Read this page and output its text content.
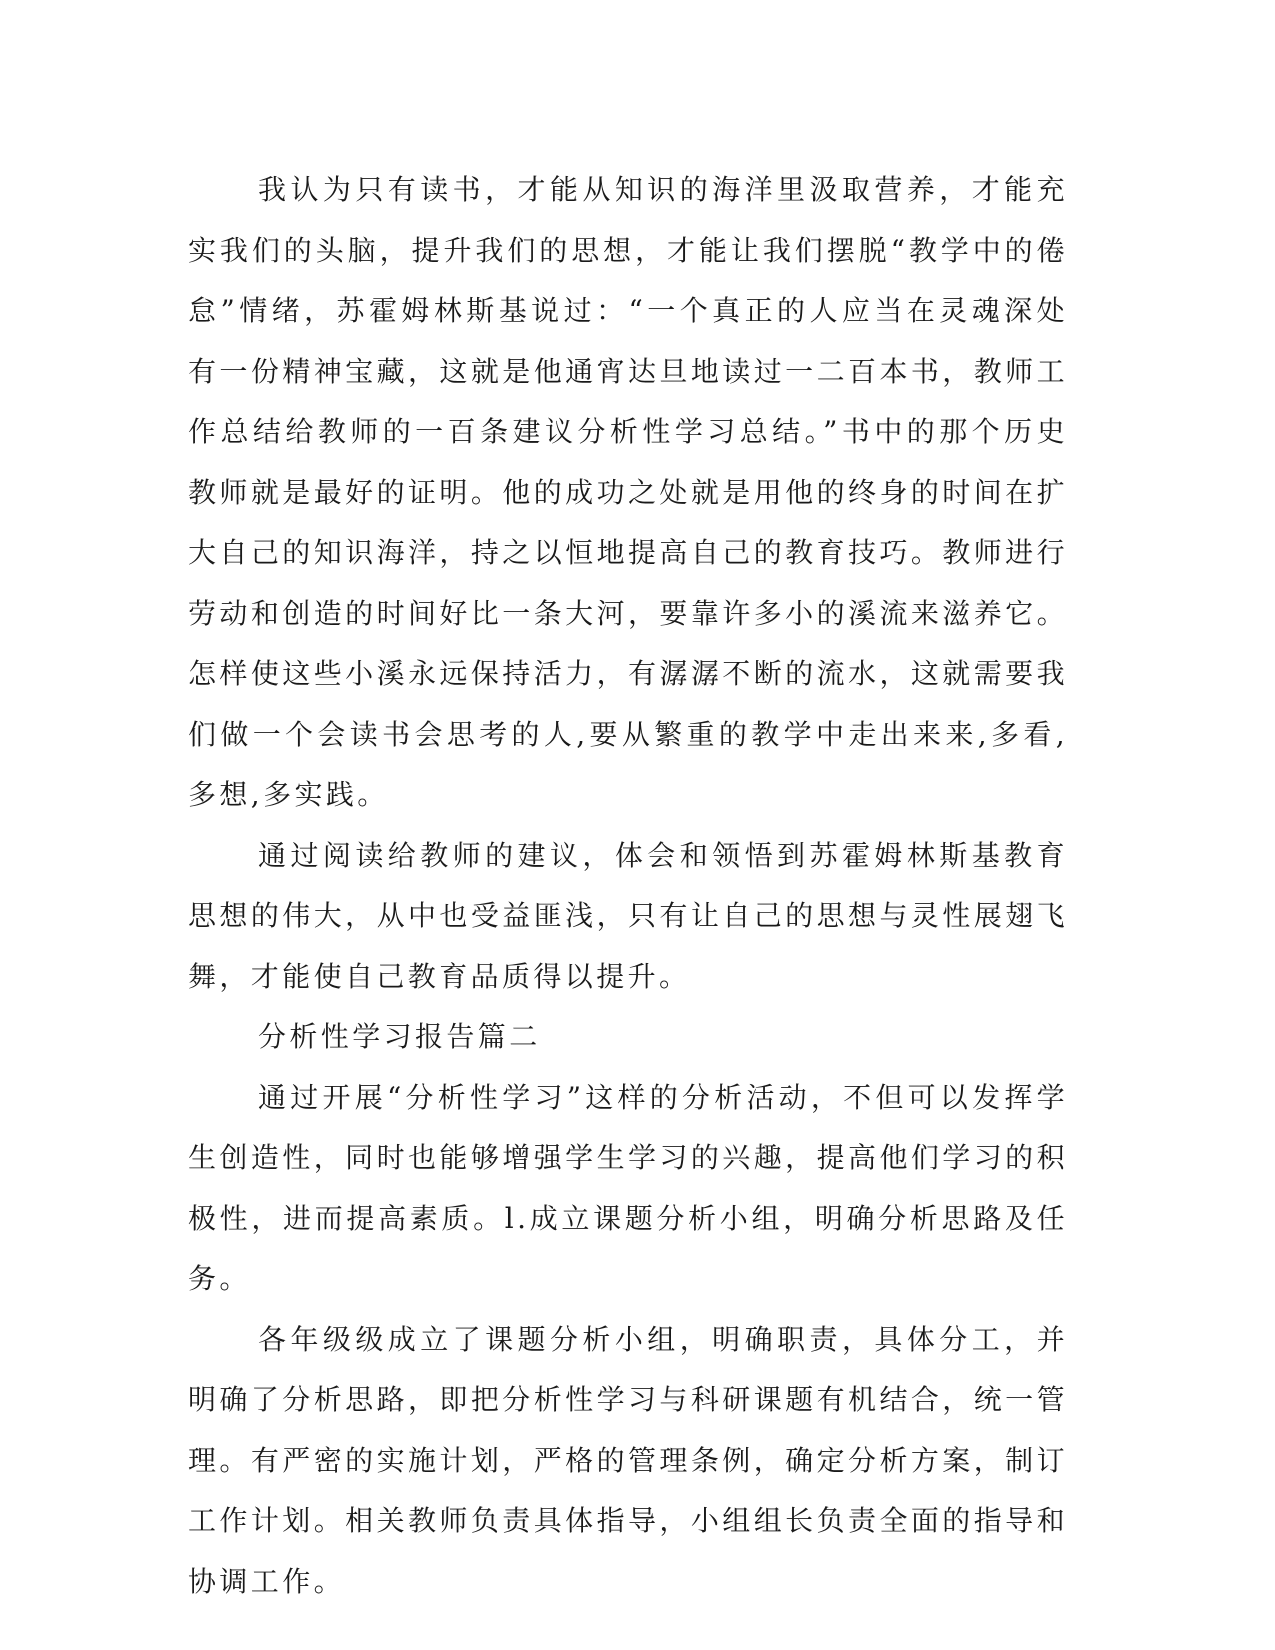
我认为只有读书，才能从知识的海洋里汲取营养，才能充实我们的头脑，提升我们的思想，才能让我们摆脱“教学中的倦怠”情绪，苏霍姆林斯基说过：“一个真正的人应当在灵魂深处有一份精神宝藏，这就是他通宵达旦地读过一二百本书，教师工作总结给教师的一百条建议分析性学习总结。”书中的那个历史教师就是最好的证明。他的成功之处就是用他的终身的时间在扩大自己的知识海洋，持之以恒地提高自己的教育技巧。教师进行劳动和创造的时间好比一条大河，要靠许多小的溪流来滋养它。怎样使这些小溪永远保持活力，有潺潺不断的流水，这就需要我们做一个会读书会思考的人,要从繁重的教学中走出来来,多看,多想,多实践。

通过阅读给教师的建议，体会和领悟到苏霍姆林斯基教育思想的伟大，从中也受益匪浅，只有让自己的思想与灵性展翅飞舞，才能使自己教育品质得以提升。

分析性学习报告篇二

通过开展“分析性学习”这样的分析活动，不但可以发挥学生创造性，同时也能够增强学生学习的兴趣，提高他们学习的积极性，进而提高素质。l.成立课题分析小组，明确分析思路及任务。

各年级级成立了课题分析小组，明确职责，具体分工，并明确了分析思路，即把分析性学习与科研课题有机结合，统一管理。有严密的实施计划，严格的管理条例，确定分析方案，制订工作计划。相关教师负责具体指导，小组组长负责全面的指导和协调工作。
